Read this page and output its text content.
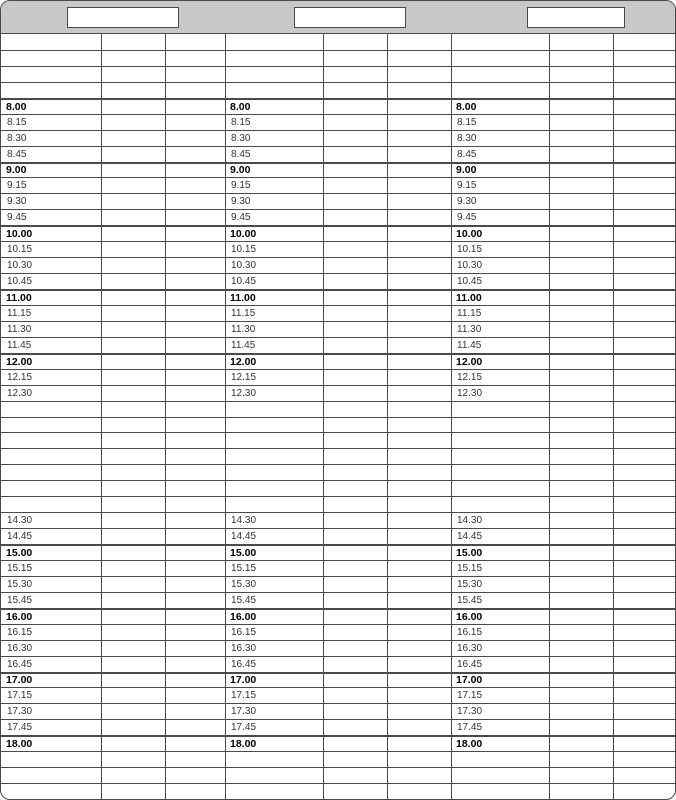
8.00	8.00	8.00
8.15	8.15	8.15
8.30	8.30	8.30
8.45	8.45	8.45
9.00	9.00	9.00
9.15	9.15	9.15
9.30	9.30	9.30
9.45	9.45	9.45
10.00	10.00	10.00
10.15	10.15	10.15
10.30	10.30	10.30
10.45	10.45	10.45
11.00	11.00	11.00
11.15	11.15	11.15
11.30	11.30	11.30
11.45	11.45	11.45
12.00	12.00	12.00
12.15	12.15	12.15
12.30	12.30	12.30
14.30	14.30	14.30
14.45	14.45	14.45
15.00	15.00	15.00
15.15	15.15	15.15
15.30	15.30	15.30
15.45	15.45	15.45
16.00	16.00	16.00
16.15	16.15	16.15
16.30	16.30	16.30
16.45	16.45	16.45
17.00	17.00	17.00
17.15	17.15	17.15
17.30	17.30	17.30
17.45	17.45	17.45
18.00	18.00	18.00
